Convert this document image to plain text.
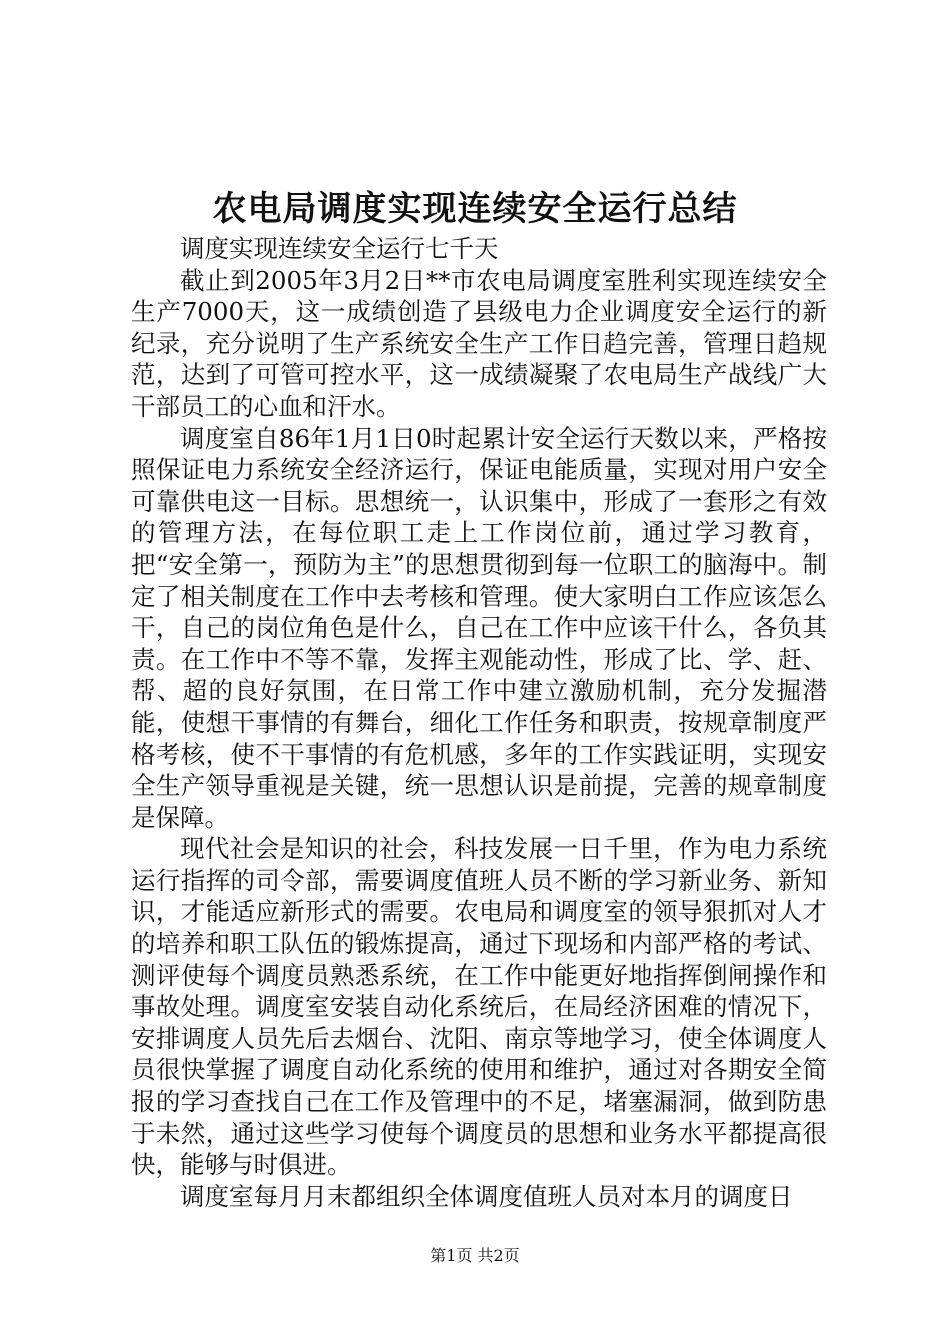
农电局调度实现连续安全运行总结

调度实现连续安全运行七千天

截止到2005年3月2日**市农电局调度室胜利实现连续安全生产7000天，这一成绩创造了县级电力企业调度安全运行的新纪录，充分说明了生产系统安全生产工作日趋完善，管理日趋规范，达到了可管可控水平，这一成绩凝聚了农电局生产战线广大干部员工的心血和汗水。

调度室自86年1月1日0时起累计安全运行天数以来，严格按照保证电力系统安全经济运行，保证电能质量，实现对用户安全可靠供电这一目标。思想统一，认识集中，形成了一套形之有效的管理方法，在每位职工走上工作岗位前，通过学习教育，把“安全第一，预防为主”的思想贯彻到每一位职工的脑海中。制定了相关制度在工作中去考核和管理。使大家明白工作应该怎么干，自己的岗位角色是什么，自己在工作中应该干什么，各负其责。在工作中不等不靠，发挥主观能动性，形成了比、学、赶、帮、超的良好氛围，在日常工作中建立激励机制，充分发掘潜能，使想干事情的有舞台，细化工作任务和职责，按规章制度严格考核，使不干事情的有危机感，多年的工作实践证明，实现安全生产领导重视是关键，统一思想认识是前提，完善的规章制度是保障。

现代社会是知识的社会，科技发展一日千里，作为电力系统运行指挥的司令部，需要调度值班人员不断的学习新业务、新知识，才能适应新形式的需要。农电局和调度室的领导狠抓对人才的培养和职工队伍的锻炼提高，通过下现场和内部严格的考试、测评使每个调度员熟悉系统，在工作中能更好地指挥倒闸操作和事故处理。调度室安装自动化系统后，在局经济困难的情况下，安排调度人员先后去烟台、沈阳、南京等地学习，使全体调度人员很快掌握了调度自动化系统的使用和维护，通过对各期安全简报的学习查找自己在工作及管理中的不足，堵塞漏洞，做到防患于未然，通过这些学习使每个调度员的思想和业务水平都提高很快，能够与时俱进。

调度室每月月末都组织全体调度值班人员对本月的调度日

第1页 共2页
